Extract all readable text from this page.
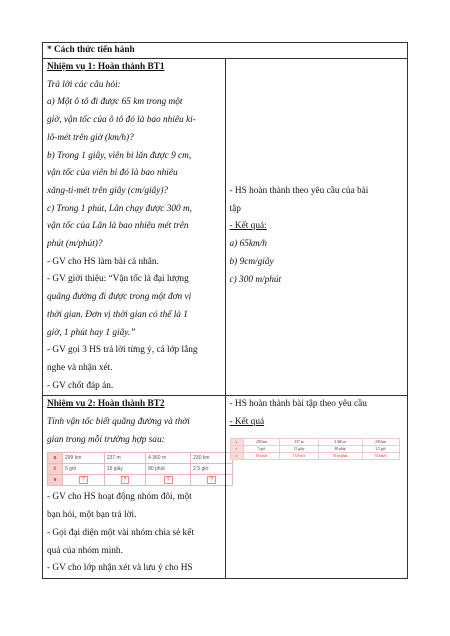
* Cách thức tiến hành

Nhiệm vụ 1: Hoàn thành BT1

Trả lời các câu hỏi:

a) Một ô tô đi được 65 km trong một

giờ, vận tốc của ô tô đó là bao nhiêu ki-

lô-mét trên giờ (km/h)?

b) Trong 1 giây, viên bi lăn được 9 cm,

vận tốc của viên bi đó là bao nhiêu

xăng-ti-mét trên giây (cm/giây)?

c) Trong 1 phút, Lân chạy được 300 m,

vận tốc của Lân là bao nhiêu mét trên

phút (m/phút)?

- GV cho HS làm bài cá nhân.

- GV giới thiệu: “Vận tốc là đại lượng

quãng đường đi được trong một đơn vị

thời gian. Đơn vị thời gian có thể là 1

giờ, 1 phút hay 1 giây.”

- GV gọi 3 HS trả lời từng ý, cả lớp lắng

nghe và nhận xét.

- GV chốt đáp án.

- HS hoàn thành theo yêu cầu của bài

tập

- Kết quả:

a) 65km/h

b) 9cm/giây

c) 300 m/phút

Nhiệm vụ 2: Hoàn thành BT2

Tính vận tốc biết quãng đường và thời

gian trong mỗi trường hợp sau:

s	299 km	237 m	4 360 m	230 km
t	5 giờ	15 giây	80 phút	2,5 giờ
v	?	?	?	?

- GV cho HS hoạt động nhóm đôi, một

bạn hỏi, một bạn trả lời.

- Gọi đại diện một vài nhóm chia sẻ kết

quả của nhóm mình.

- GV cho lớp nhận xét và lưu ý cho HS

- HS hoàn thành bài tập theo yêu cầu

- Kết quả

s	250 km	237 m	4 360 m	230 km
t	5 giờ	15 giây	80 phút	2,5 giờ
v	50 km/h	15,8 m/s	55 m/phút	92 km/h
